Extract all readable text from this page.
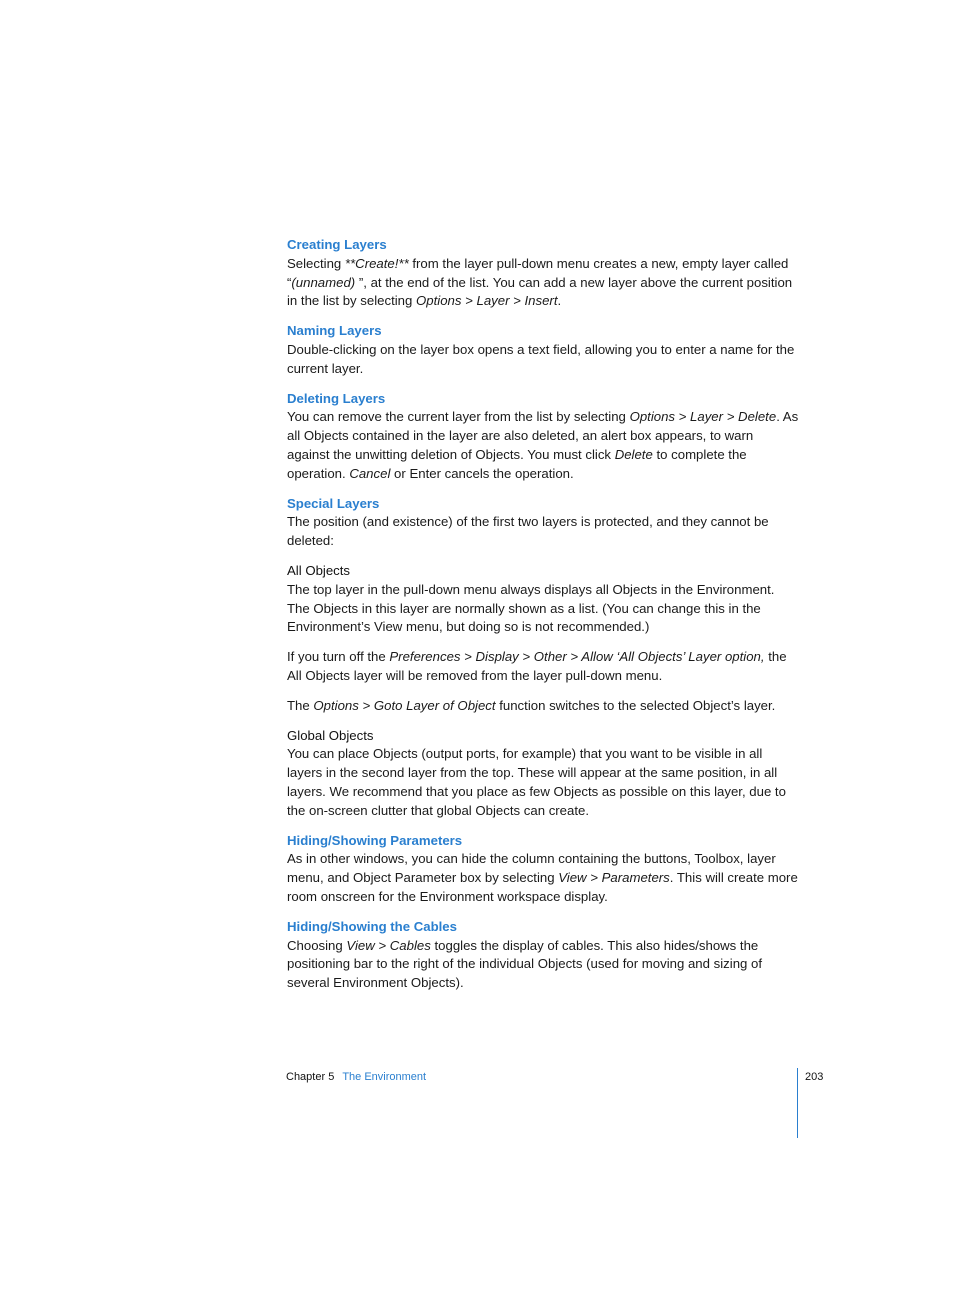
Creating Layers

Selecting **Create!** from the layer pull-down menu creates a new, empty layer called “(unnamed) ”, at the end of the list. You can add a new layer above the current position in the list by selecting Options > Layer > Insert.

Naming Layers

Double-clicking on the layer box opens a text field, allowing you to enter a name for the current layer.

Deleting Layers

You can remove the current layer from the list by selecting Options > Layer > Delete. As all Objects contained in the layer are also deleted, an alert box appears, to warn against the unwitting deletion of Objects. You must click Delete to complete the operation. Cancel or Enter cancels the operation.

Special Layers

The position (and existence) of the first two layers is protected, and they cannot be deleted:

All Objects

The top layer in the pull-down menu always displays all Objects in the Environment. The Objects in this layer are normally shown as a list. (You can change this in the Environment’s View menu, but doing so is not recommended.)

If you turn off the Preferences > Display > Other > Allow ‘All Objects’ Layer option, the All Objects layer will be removed from the layer pull-down menu.

The Options > Goto Layer of Object function switches to the selected Object’s layer.

Global Objects

You can place Objects (output ports, for example) that you want to be visible in all layers in the second layer from the top. These will appear at the same position, in all layers. We recommend that you place as few Objects as possible on this layer, due to the on-screen clutter that global Objects can create.

Hiding/Showing Parameters

As in other windows, you can hide the column containing the buttons, Toolbox, layer menu, and Object Parameter box by selecting View > Parameters. This will create more room onscreen for the Environment workspace display.

Hiding/Showing the Cables

Choosing View > Cables toggles the display of cables. This also hides/shows the positioning bar to the right of the individual Objects (used for moving and sizing of several Environment Objects).

Chapter 5 The Environment	203
